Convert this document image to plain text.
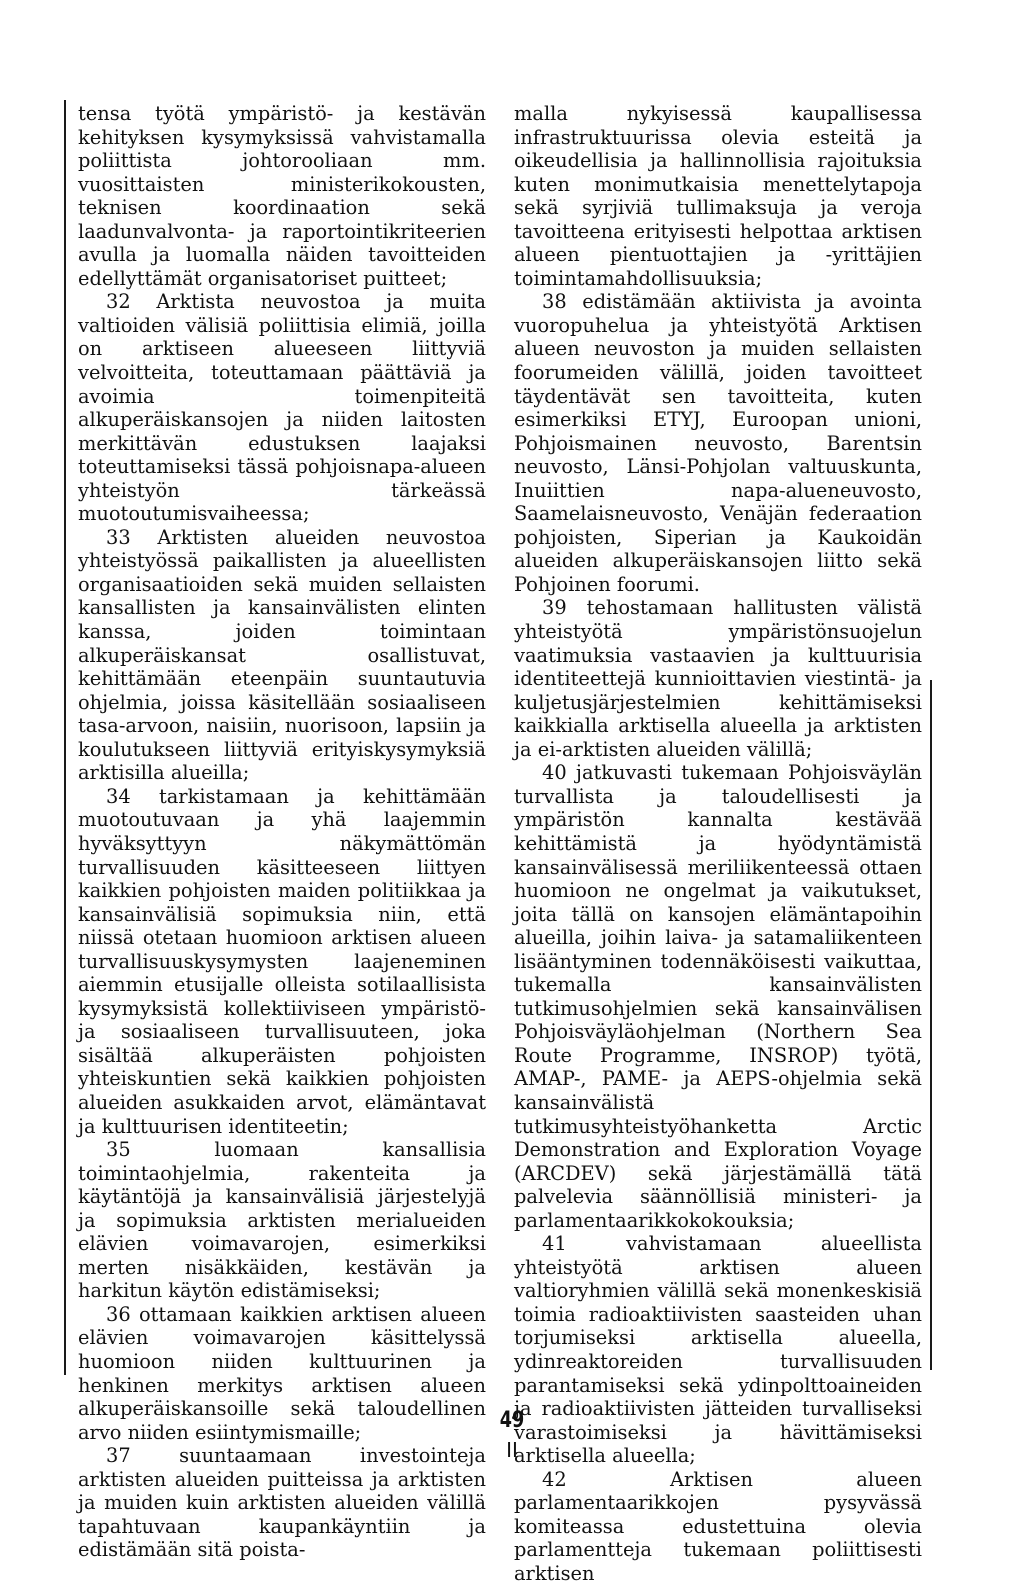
tensa työtä ympäristö- ja kestävän kehityksen kysymyksissä vahvistamalla poliittista johtorooliaan mm. vuosittaisten ministerikokousten, teknisen koordinaation sekä laadunvalvonta- ja raportointikriteerien avulla ja luomalla näiden tavoitteiden edellyttämät organisatoriset puitteet;

32 Arktista neuvostoa ja muita valtioiden välisiä poliittisia elimiä, joilla on arktiseen alueeseen liittyviä velvoitteita, toteuttamaan päättäviä ja avoimia toimenpiteitä alkuperäiskansojen ja niiden laitosten merkittävän edustuksen laajaksi toteuttamiseksi tässä pohjoisnapa-alueen yhteistyön tärkeässä muotoutumisvaiheessa;

33 Arktisten alueiden neuvostoa yhteistyössä paikallisten ja alueellisten organisaatioiden sekä muiden sellaisten kansallisten ja kansainvälisten elinten kanssa, joiden toimintaan alkuperäiskansat osallistuvat, kehittämään eteenpäin suuntautuvia ohjelmia, joissa käsitellään sosiaaliseen tasa-arvoon, naisiin, nuorisoon, lapsiin ja koulutukseen liittyviä erityiskysymyksiä arktisilla alueilla;

34 tarkistamaan ja kehittämään muotoutuvaan ja yhä laajemmin hyväksyttyyn näkymättömän turvallisuuden käsitteeseen liittyen kaikkien pohjoisten maiden politiikkaa ja kansainvälisiä sopimuksia niin, että niissä otetaan huomioon arktisen alueen turvallisuuskysymysten laajeneminen aiemmin etusijalle olleista sotilaallisista kysymyksistä kollektiiviseen ympäristö- ja sosiaaliseen turvallisuuteen, joka sisältää alkuperäisten pohjoisten yhteiskuntien sekä kaikkien pohjoisten alueiden asukkaiden arvot, elämäntavat ja kulttuurisen identiteetin;

35 luomaan kansallisia toimintaohjelmia, rakenteita ja käytäntöjä ja kansainvälisiä järjestelyjä ja sopimuksia arktisten merialueiden elävien voimavarojen, esimerkiksi merten nisäkkäiden, kestävän ja harkitun käytön edistämiseksi;

36 ottamaan kaikkien arktisen alueen elävien voimavarojen käsittelyssä huomioon niiden kulttuurinen ja henkinen merkitys arktisen alueen alkuperäiskansoille sekä taloudellinen arvo niiden esiintymismaille;

37 suuntaamaan investointeja arktisten alueiden puitteissa ja arktisten ja muiden kuin arktisten alueiden välillä tapahtuvaan kaupankäyntiin ja edistämään sitä poista-

malla nykyisessä kaupallisessa infrastruktuurissa olevia esteitä ja oikeudellisia ja hallinnollisia rajoituksia kuten monimutkaisia menettelytapoja sekä syrjiviä tullimaksuja ja veroja tavoitteena erityisesti helpottaa arktisen alueen pientuottajien ja -yrittäjien toimintamahdollisuuksia;

38 edistämään aktiivista ja avointa vuoropuhelua ja yhteistyötä Arktisen alueen neuvoston ja muiden sellaisten foorumeiden välillä, joiden tavoitteet täydentävät sen tavoitteita, kuten esimerkiksi ETYJ, Euroopan unioni, Pohjoismainen neuvosto, Barentsin neuvosto, Länsi-Pohjolan valtuuskunta, Inuiittien napa-alueneuvosto, Saamelaisneuvosto, Venäjän federaation pohjoisten, Siperian ja Kaukoidän alueiden alkuperäiskansojen liitto sekä Pohjoinen foorumi.

39 tehostamaan hallitusten välistä yhteistyötä ympäristönsuojelun vaatimuksia vastaavien ja kulttuurisia identiteettejä kunnioittavien viestintä- ja kuljetusjärjestelmien kehittämiseksi kaikkialla arktisella alueella ja arktisten ja ei-arktisten alueiden välillä;

40 jatkuvasti tukemaan Pohjoisväylän turvallista ja taloudellisesti ja ympäristön kannalta kestävää kehittämistä ja hyödyntämistä kansainvälisessä meriliikenteessä ottaen huomioon ne ongelmat ja vaikutukset, joita tällä on kansojen elämäntapoihin alueilla, joihin laiva- ja satamaliikenteen lisääntyminen todennäköisesti vaikuttaa, tukemalla kansainvälisten tutkimusohjelmien sekä kansainvälisen Pohjoisväyläohjelman (Northern Sea Route Programme, INSROP) työtä, AMAP-, PAME- ja AEPS-ohjelmia sekä kansainvälistä tutkimusyhteistyöhanketta Arctic Demonstration and Exploration Voyage (ARCDEV) sekä järjestämällä tätä palvelevia säännöllisiä ministeri- ja parlamentaarikkokokouksia;

41 vahvistamaan alueellista yhteistyötä arktisen alueen valtioryhmien välillä sekä monenkeskisiä toimia radioaktiivisten saasteiden uhan torjumiseksi arktisella alueella, ydinreaktoreiden turvallisuuden parantamiseksi sekä ydinpolttoaineiden ja radioaktiivisten jätteiden turvalliseksi varastoimiseksi ja hävittämiseksi arktisella alueella;

42 Arktisen alueen parlamentaarikkojen pysyvässä komiteassa edustettuina olevia parlamentteja tukemaan poliittisesti arktisen

49
II
